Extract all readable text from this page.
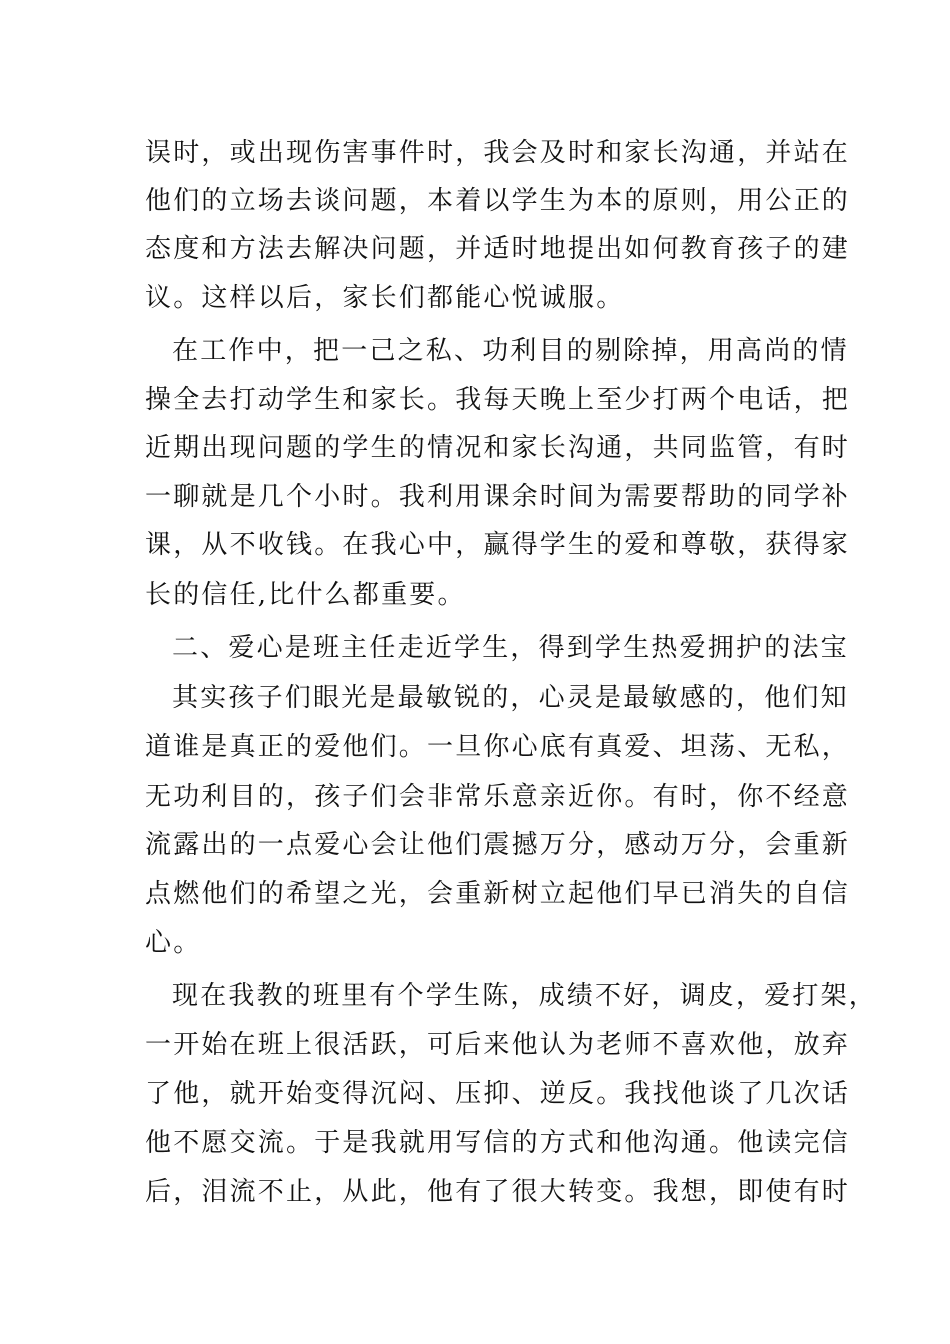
误时，或出现伤害事件时，我会及时和家长沟通，并站在
他们的立场去谈问题，本着以学生为本的原则，用公正的
态度和方法去解决问题，并适时地提出如何教育孩子的建
议。这样以后，家长们都能心悦诚服。
在工作中，把一己之私、功利目的剔除掉，用高尚的情
操全去打动学生和家长。我每天晚上至少打两个电话，把
近期出现问题的学生的情况和家长沟通，共同监管，有时
一聊就是几个小时。我利用课余时间为需要帮助的同学补
课，从不收钱。在我心中，赢得学生的爱和尊敬，获得家
长的信任,比什么都重要。
二、爱心是班主任走近学生，得到学生热爱拥护的法宝
其实孩子们眼光是最敏锐的，心灵是最敏感的，他们知
道谁是真正的爱他们。一旦你心底有真爱、坦荡、无私，
无功利目的，孩子们会非常乐意亲近你。有时，你不经意
流露出的一点爱心会让他们震撼万分，感动万分，会重新
点燃他们的希望之光，会重新树立起他们早已消失的自信
心。
现在我教的班里有个学生陈，成绩不好，调皮，爱打架，
一开始在班上很活跃，可后来他认为老师不喜欢他，放弃
了他，就开始变得沉闷、压抑、逆反。我找他谈了几次话
他不愿交流。于是我就用写信的方式和他沟通。他读完信
后，泪流不止，从此，他有了很大转变。我想，即使有时
